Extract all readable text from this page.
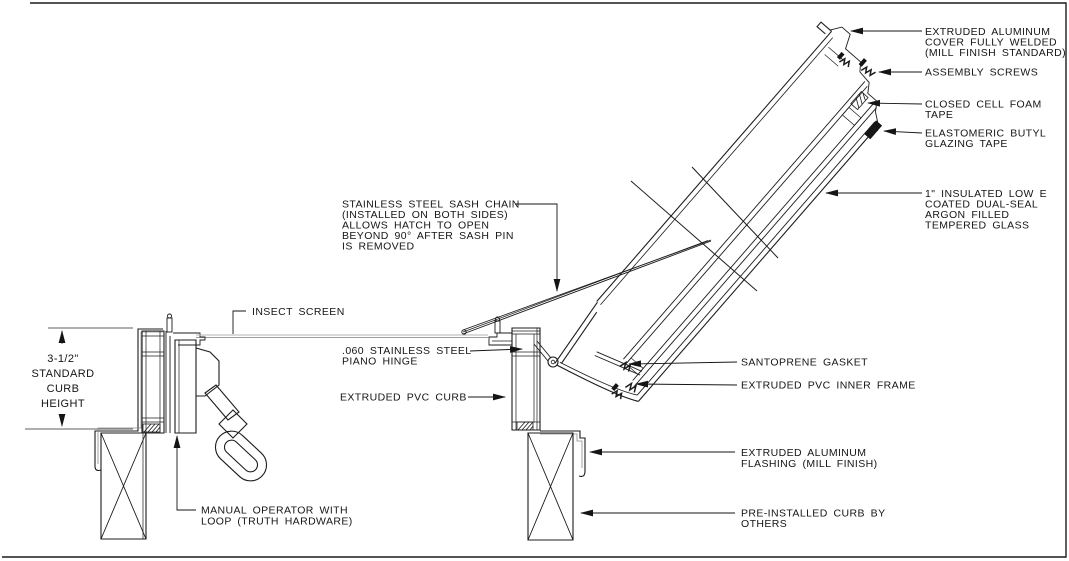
EXTRUDED ALUMINUM
COVER FULLY WELDED
(MILL FINISH STANDARD)
ASSEMBLY SCREWS
CLOSED CELL FOAM
TAPE
ELASTOMERIC BUTYL
GLAZING TAPE
1" INSULATED LOW E
COATED DUAL-SEAL
ARGON FILLED
TEMPERED GLASS
STAINLESS STEEL SASH CHAIN
(INSTALLED ON BOTH SIDES)
ALLOWS HATCH TO OPEN
BEYOND 90° AFTER SASH PIN
IS REMOVED
INSECT SCREEN
.060 STAINLESS STEEL
PIANO HINGE
EXTRUDED PVC CURB
3-1/2"
STANDARD
CURB
HEIGHT
MANUAL OPERATOR WITH
LOOP (TRUTH HARDWARE)
SANTOPRENE GASKET
EXTRUDED PVC INNER FRAME
EXTRUDED ALUMINUM
FLASHING (MILL FINISH)
PRE-INSTALLED CURB BY
OTHERS
